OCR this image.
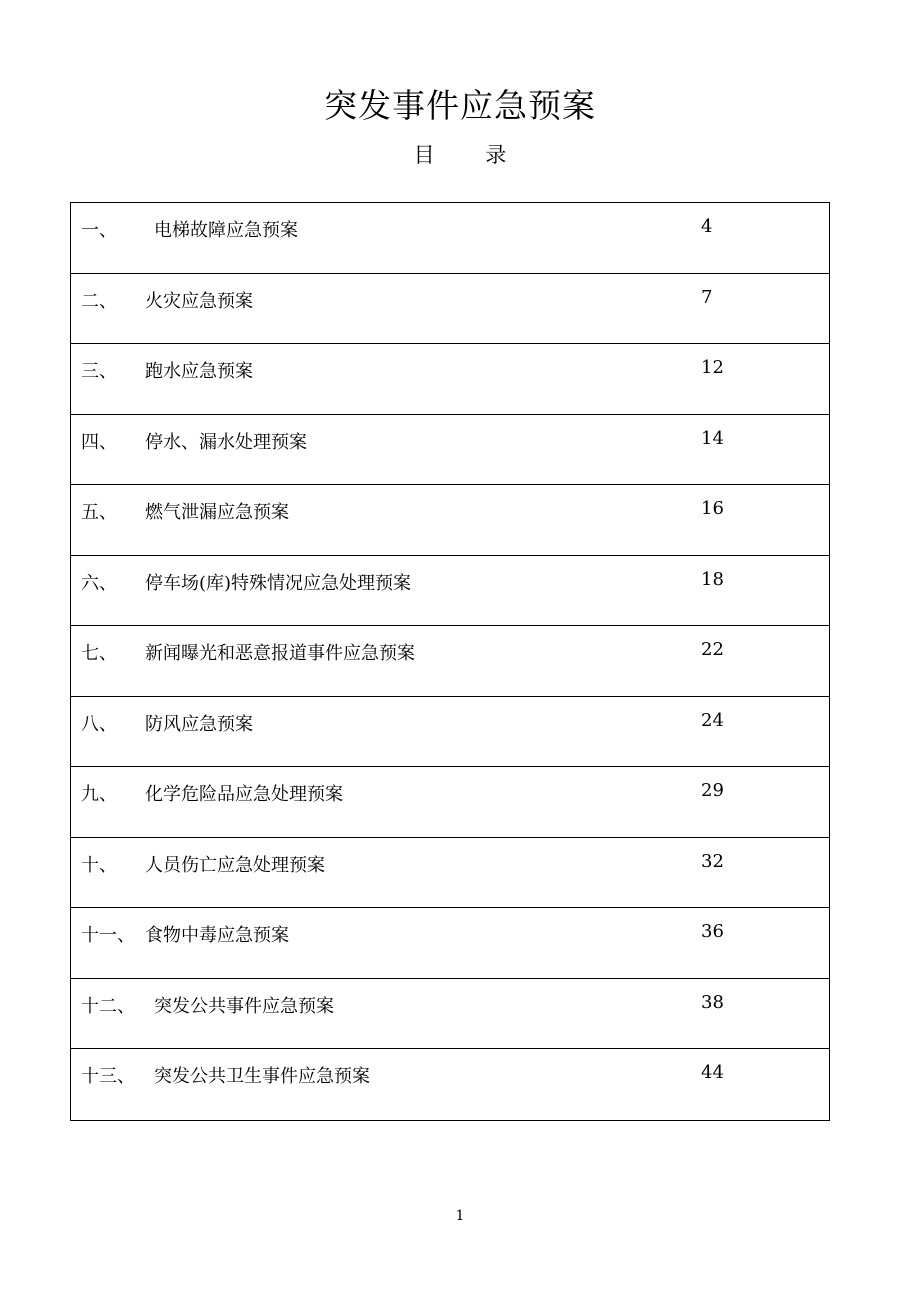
突发事件应急预案
目 录
一、 电梯故障应急预案	4
二、 火灾应急预案	7
三、 跑水应急预案	12
四、 停水、漏水处理预案	14
五、 燃气泄漏应急预案	16
六、 停车场(库)特殊情况应急处理预案	18
七、 新闻曝光和恶意报道事件应急预案	22
八、 防风应急预案	24
九、 化学危险品应急处理预案	29
十、 人员伤亡应急处理预案	32
十一、 食物中毒应急预案	36
十二、 突发公共事件应急预案	38
十三、 突发公共卫生事件应急预案	44
1
